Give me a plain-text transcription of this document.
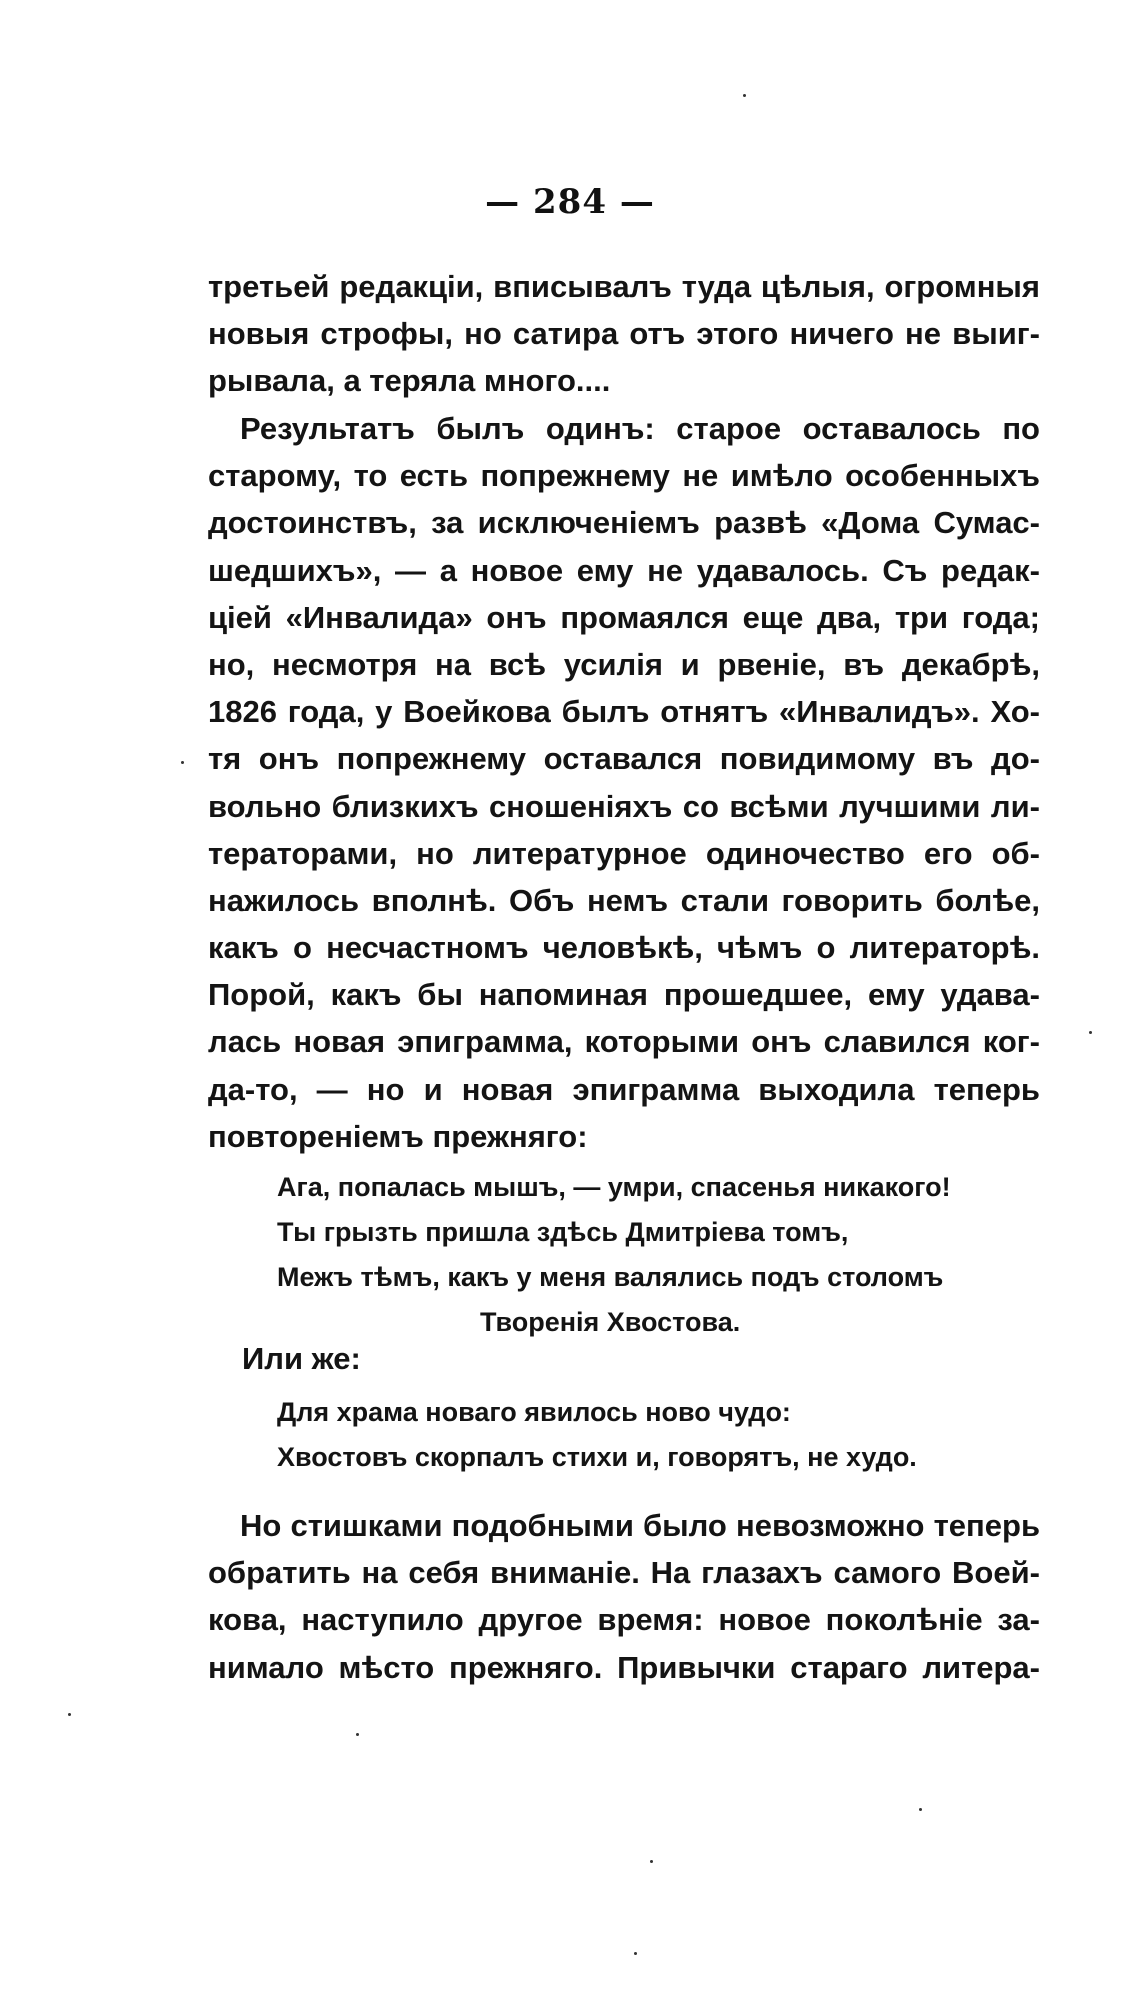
— 284 —
третьей редакціи, вписывалъ туда цѣлыя, огромныя
новыя строфы, но сатира отъ этого ничего не выиг-
рывала, а теряла много....
Результатъ былъ одинъ: старое оставалось по
старому, то есть попрежнему не имѣло особенныхъ
достоинствъ, за исключеніемъ развѣ «Дома Сумас-
шедшихъ», — а новое ему не удавалось. Съ редак-
ціей «Инвалида» онъ промаялся еще два, три года;
но, несмотря на всѣ усилія и рвеніе, въ декабрѣ,
1826 года, у Воейкова былъ отнятъ «Инвалидъ». Хо-
тя онъ попрежнему оставался повидимому въ до-
вольно близкихъ сношеніяхъ со всѣми лучшими ли-
тераторами, но литературное одиночество его об-
нажилось вполнѣ. Объ немъ стали говорить болѣе,
какъ о несчастномъ человѣкѣ, чѣмъ о литераторѣ.
Порой, какъ бы напоминая прошедшее, ему удава-
лась новая эпиграмма, которыми онъ славился ког-
да-то, — но и новая эпиграмма выходила теперь
повтореніемъ прежняго:
Ага, попалась мышъ, — умри, спасенья никакого!
Ты грызть пришла здѣсь Дмитріева томъ,
Межъ тѣмъ, какъ у меня валялись подъ столомъ
Творенія Хвостова.
Или же:
Для храма новаго явилось ново чудо:
Хвостовъ скорпалъ стихи и, говорятъ, не худо.
Но стишками подобными было невозможно теперь
обратить на себя вниманіе. На глазахъ самого Воей-
кова, наступило другое время: новое поколѣніе за-
нимало мѣсто прежняго. Привычки стараго литера-
